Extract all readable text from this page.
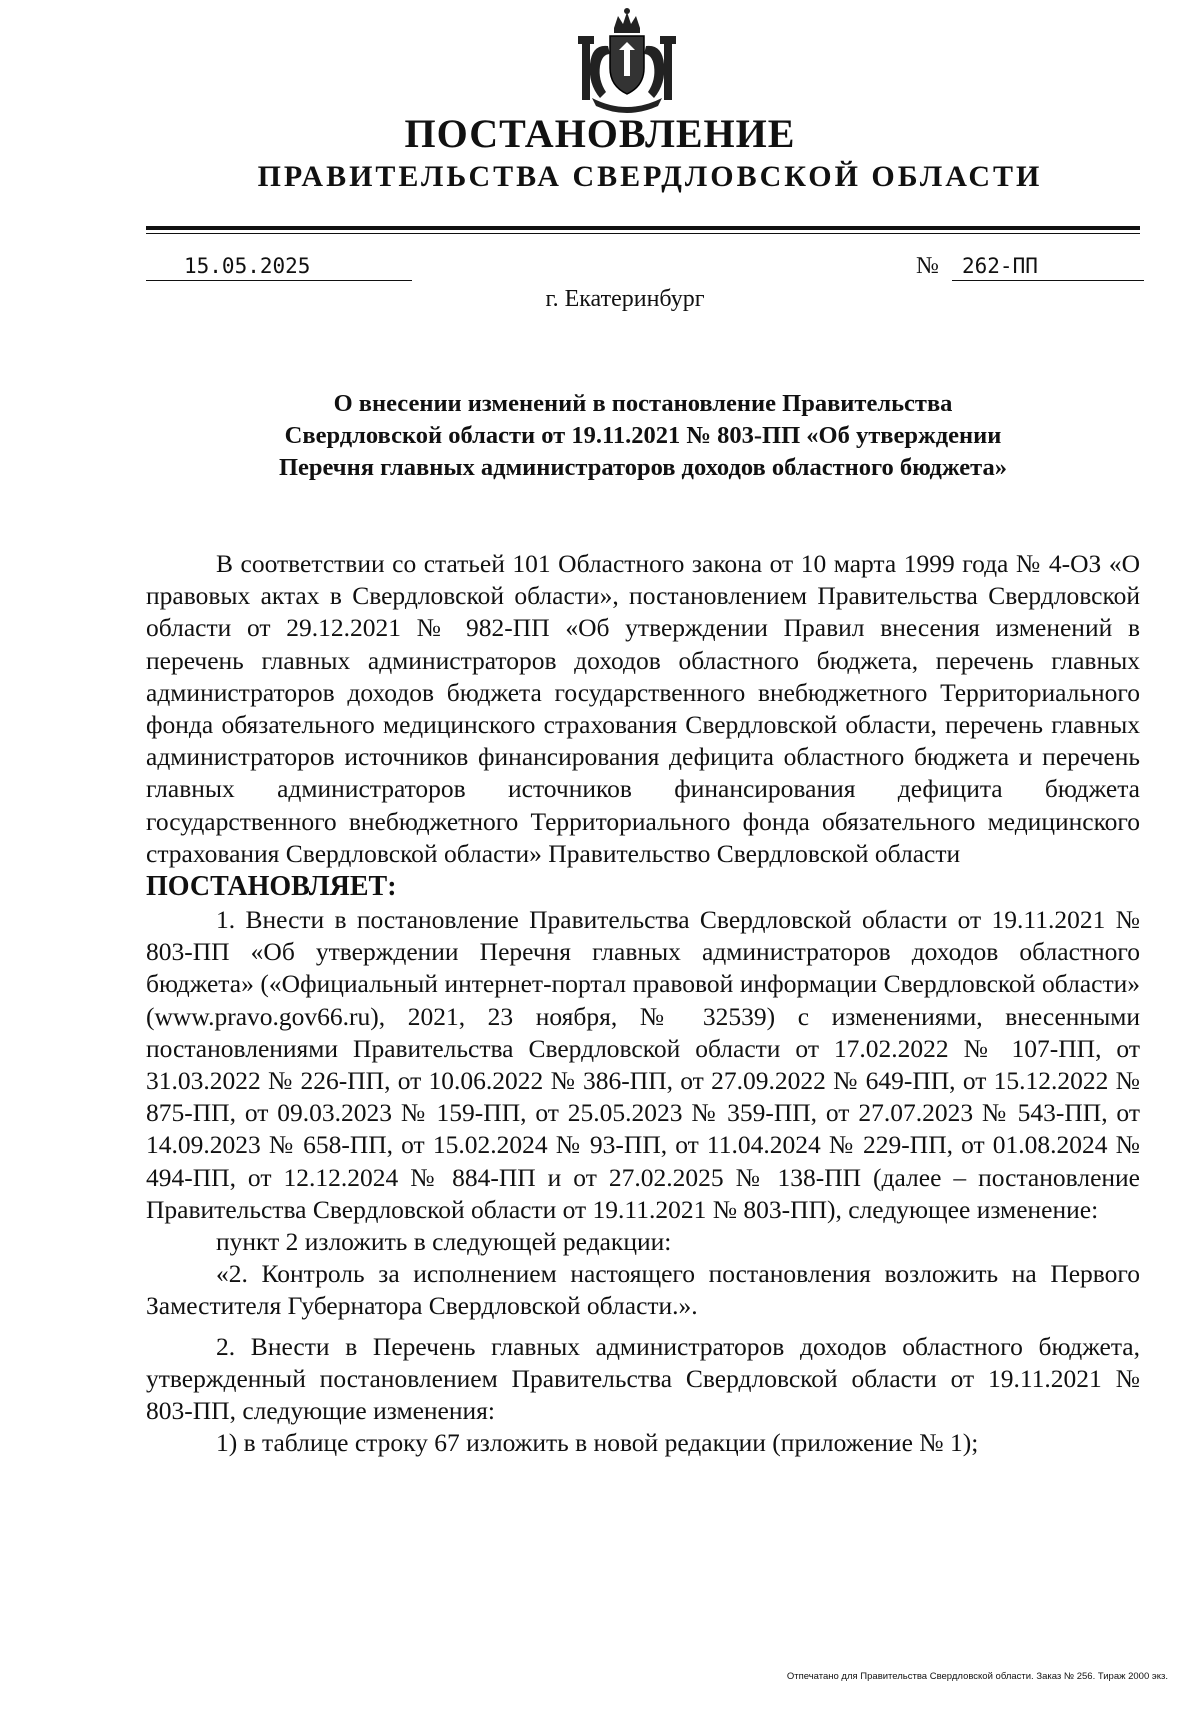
ПОСТАНОВЛЕНИЕ
ПРАВИТЕЛЬСТВА СВЕРДЛОВСКОЙ ОБЛАСТИ
15.05.2025	№ 262-ПП
г. Екатеринбург
О внесении изменений в постановление Правительства
Свердловской области от 19.11.2021 № 803-ПП «Об утверждении
Перечня главных администраторов доходов областного бюджета»

В соответствии со статьей 101 Областного закона от 10 марта 1999 года № 4-ОЗ «О правовых актах в Свердловской области», постановлением Правительства Свердловской области от 29.12.2021 № 982-ПП «Об утверждении Правил внесения изменений в перечень главных администраторов доходов областного бюджета, перечень главных администраторов доходов бюджета государственного внебюджетного Территориального фонда обязательного медицинского страхования Свердловской области, перечень главных администраторов источников финансирования дефицита областного бюджета и перечень главных администраторов источников финансирования дефицита бюджета государственного внебюджетного Территориального фонда обязательного медицинского страхования Свердловской области» Правительство Свердловской области

ПОСТАНОВЛЯЕТ:

1. Внести в постановление Правительства Свердловской области от 19.11.2021 № 803-ПП «Об утверждении Перечня главных администраторов доходов областного бюджета» («Официальный интернет-портал правовой информации Свердловской области» (www.pravo.gov66.ru), 2021, 23 ноября, № 32539) с изменениями, внесенными постановлениями Правительства Свердловской области от 17.02.2022 № 107-ПП, от 31.03.2022 № 226-ПП, от 10.06.2022 № 386-ПП, от 27.09.2022 № 649-ПП, от 15.12.2022 № 875-ПП, от 09.03.2023 № 159-ПП, от 25.05.2023 № 359-ПП, от 27.07.2023 № 543-ПП, от 14.09.2023 № 658-ПП, от 15.02.2024 № 93-ПП, от 11.04.2024 № 229-ПП, от 01.08.2024 № 494-ПП, от 12.12.2024 № 884-ПП и от 27.02.2025 № 138-ПП (далее – постановление Правительства Свердловской области от 19.11.2021 № 803-ПП), следующее изменение:

пункт 2 изложить в следующей редакции:

«2. Контроль за исполнением настоящего постановления возложить на Первого Заместителя Губернатора Свердловской области.».

2. Внести в Перечень главных администраторов доходов областного бюджета, утвержденный постановлением Правительства Свердловской области от 19.11.2021 № 803-ПП, следующие изменения:

1) в таблице строку 67 изложить в новой редакции (приложение № 1);

Отпечатано для Правительства Свердловской области. Заказ № 256. Тираж 2000 экз.
